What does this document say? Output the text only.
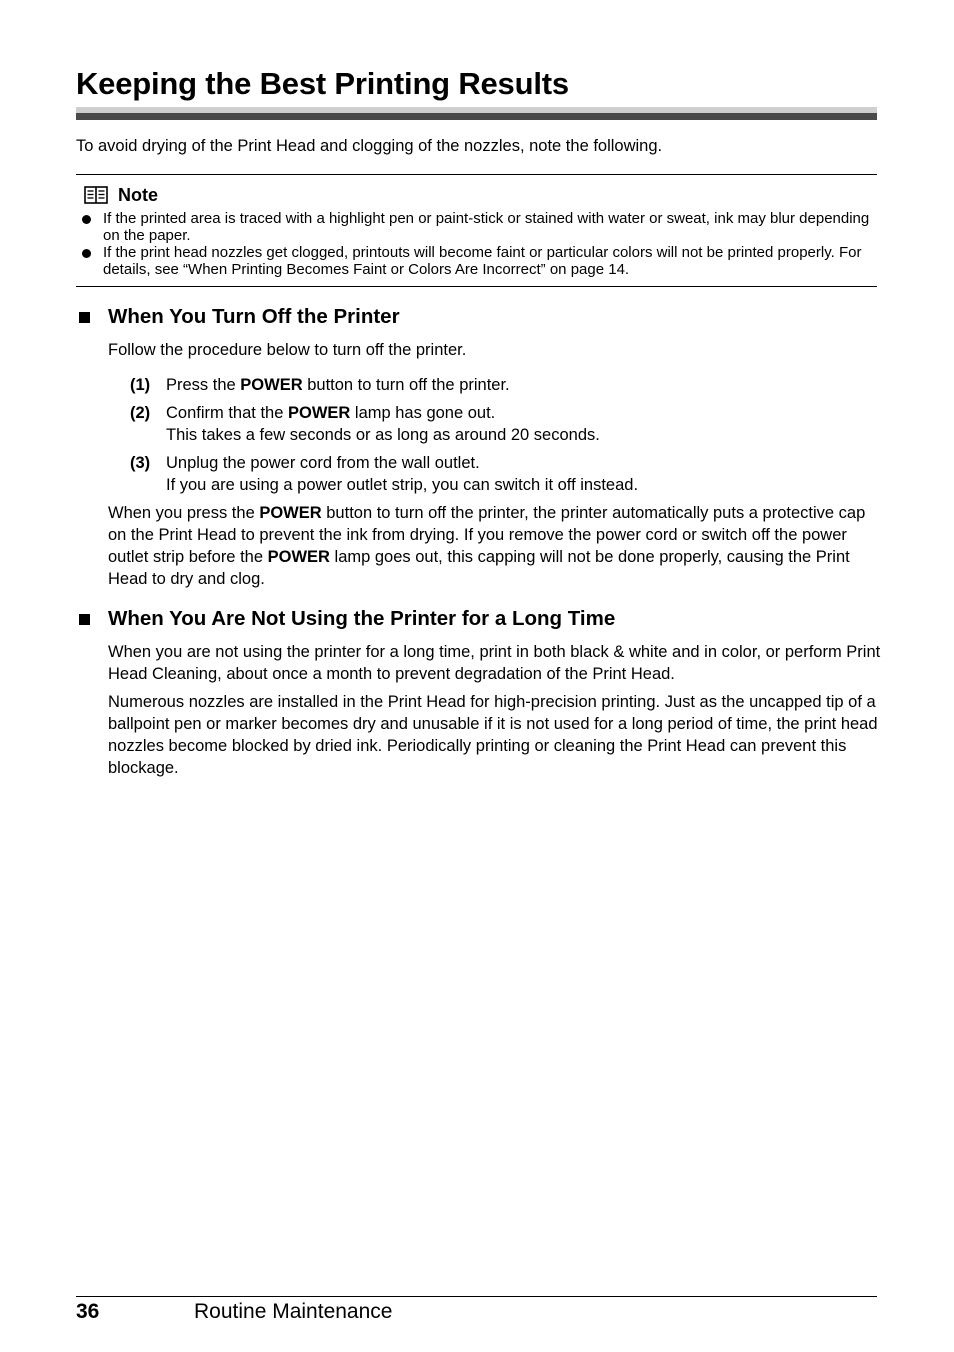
Keeping the Best Printing Results

To avoid drying of the Print Head and clogging of the nozzles, note the following.

Note
If the printed area is traced with a highlight pen or paint-stick or stained with water or sweat, ink may blur depending on the paper.
If the print head nozzles get clogged, printouts will become faint or particular colors will not be printed properly. For details, see “When Printing Becomes Faint or Colors Are Incorrect” on page 14.
When You Turn Off the Printer

Follow the procedure below to turn off the printer.

(1) Press the POWER button to turn off the printer.
(2) Confirm that the POWER lamp has gone out.
This takes a few seconds or as long as around 20 seconds.
(3) Unplug the power cord from the wall outlet.
If you are using a power outlet strip, you can switch it off instead.

When you press the POWER button to turn off the printer, the printer automatically puts a protective cap on the Print Head to prevent the ink from drying. If you remove the power cord or switch off the power outlet strip before the POWER lamp goes out, this capping will not be done properly, causing the Print Head to dry and clog.

When You Are Not Using the Printer for a Long Time

When you are not using the printer for a long time, print in both black & white and in color, or perform Print Head Cleaning, about once a month to prevent degradation of the Print Head.

Numerous nozzles are installed in the Print Head for high-precision printing. Just as the uncapped tip of a ballpoint pen or marker becomes dry and unusable if it is not used for a long period of time, the print head nozzles become blocked by dried ink. Periodically printing or cleaning the Print Head can prevent this blockage.

36	Routine Maintenance
